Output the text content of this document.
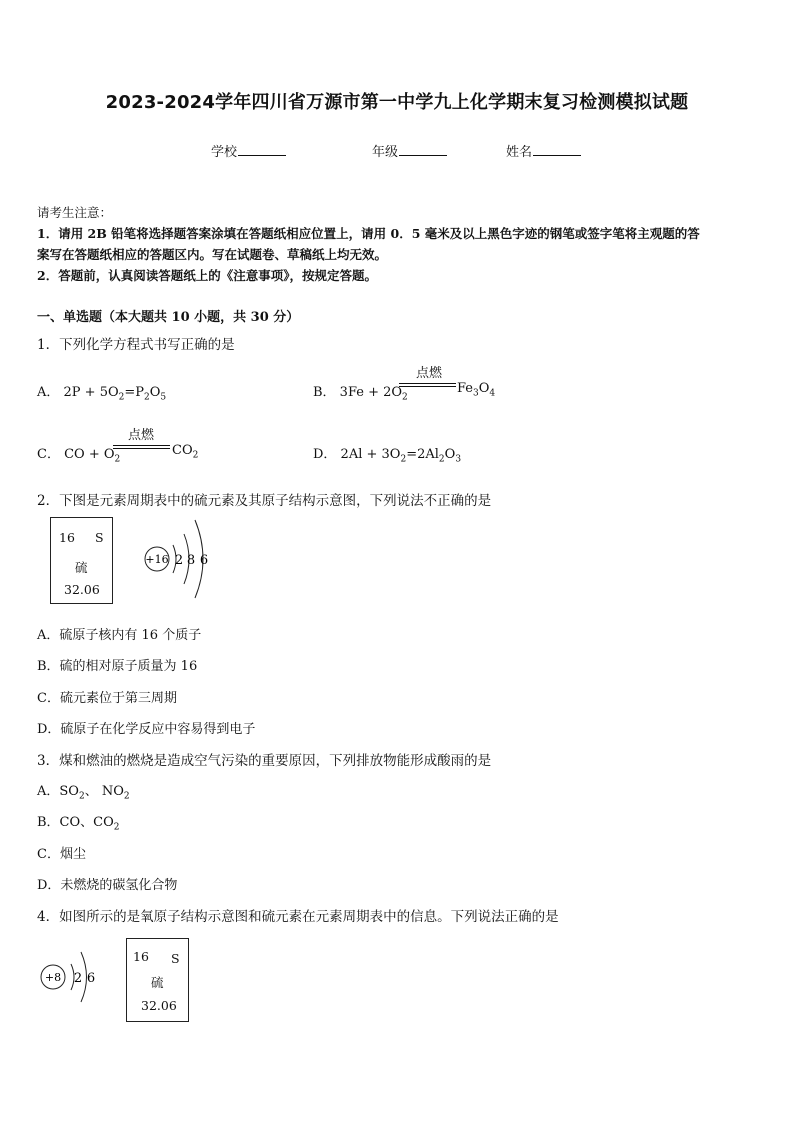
2023-2024学年四川省万源市第一中学九上化学期末复习检测模拟试题
学校	年级	姓名
请考生注意：
1．请用 2B 铅笔将选择题答案涂填在答题纸相应位置上，请用 0．5 毫米及以上黑色字迹的钢笔或签字笔将主观题的答
案写在答题纸相应的答题区内。写在试题卷、草稿纸上均无效。
2．答题前，认真阅读答题纸上的《注意事项》，按规定答题。
一、单选题（本大题共 10 小题，共 30 分）
1．下列化学方程式书写正确的是
A． $2P + 5O_2=P_2O_5$	B． $3Fe + 2O_2$
点燃
$Fe_3O_4$
C． CO + $O_2$
点燃
$CO_2$	D． $2Al + 3O_2=2Al_2O_3$
2．下图是元素周期表中的硫元素及其原子结构示意图，下列说法不正确的是
16 S
硫
32.06
+16 2 8 6
A．硫原子核内有 16 个质子
B．硫的相对原子质量为 16
C．硫元素位于第三周期
D．硫原子在化学反应中容易得到电子
3．煤和燃油的燃烧是造成空气污染的重要原因，下列排放物能形成酸雨的是
A．$SO_2$、 $NO_2$
B．CO、$CO_2$
C．烟尘
D．未燃烧的碳氢化合物
4．如图所示的是氧原子结构示意图和硫元素在元素周期表中的信息。下列说法正确的是
+8 2 6
16 S
硫
32.06
